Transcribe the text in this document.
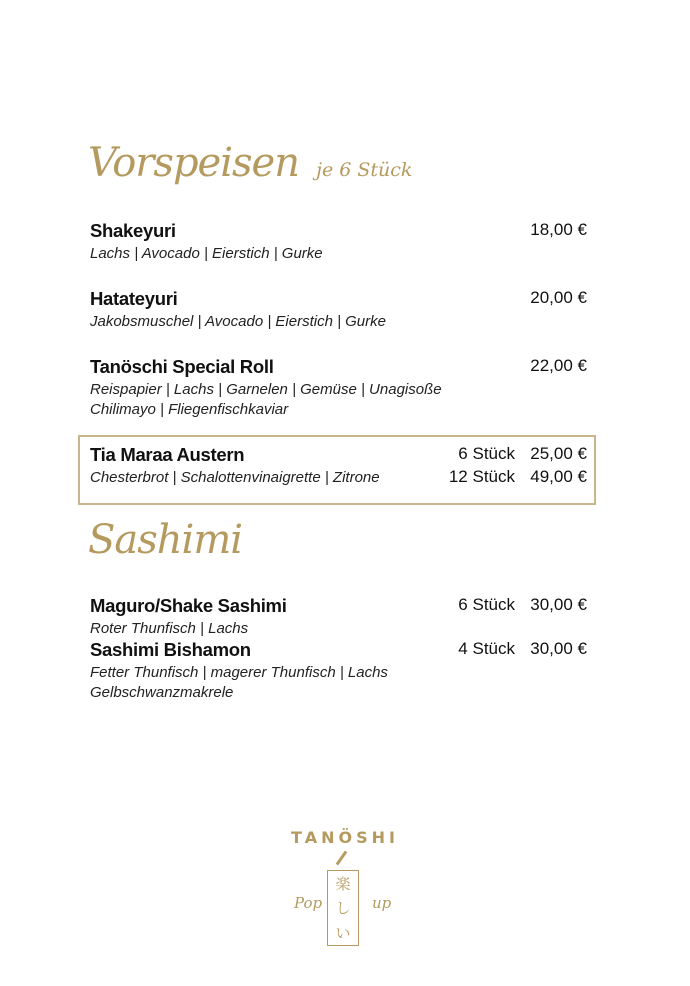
Vorspeisen je 6 Stück
Shakeyuri	18,00 €
Lachs | Avocado | Eierstich | Gurke
Hatateyuri	20,00 €
Jakobsmuschel | Avocado | Eierstich | Gurke
Tanöschi Special Roll	22,00 €
Reispapier | Lachs | Garnelen | Gemüse | Unagisoße
Chilimayo | Fliegenfischkaviar
Tia Maraa Austern	6 Stück 25,00 €
Chesterbrot | Schalottenvinaigrette | Zitrone	12 Stück 49,00 €
Sashimi
Maguro/Shake Sashimi	6 Stück 30,00 €
Roter Thunfisch | Lachs
Sashimi Bishamon	4 Stück 30,00 €
Fetter Thunfisch | magerer Thunfisch | Lachs
Gelbschwanzmakrele
TANÖSHI
Pop
楽
し
い
up
